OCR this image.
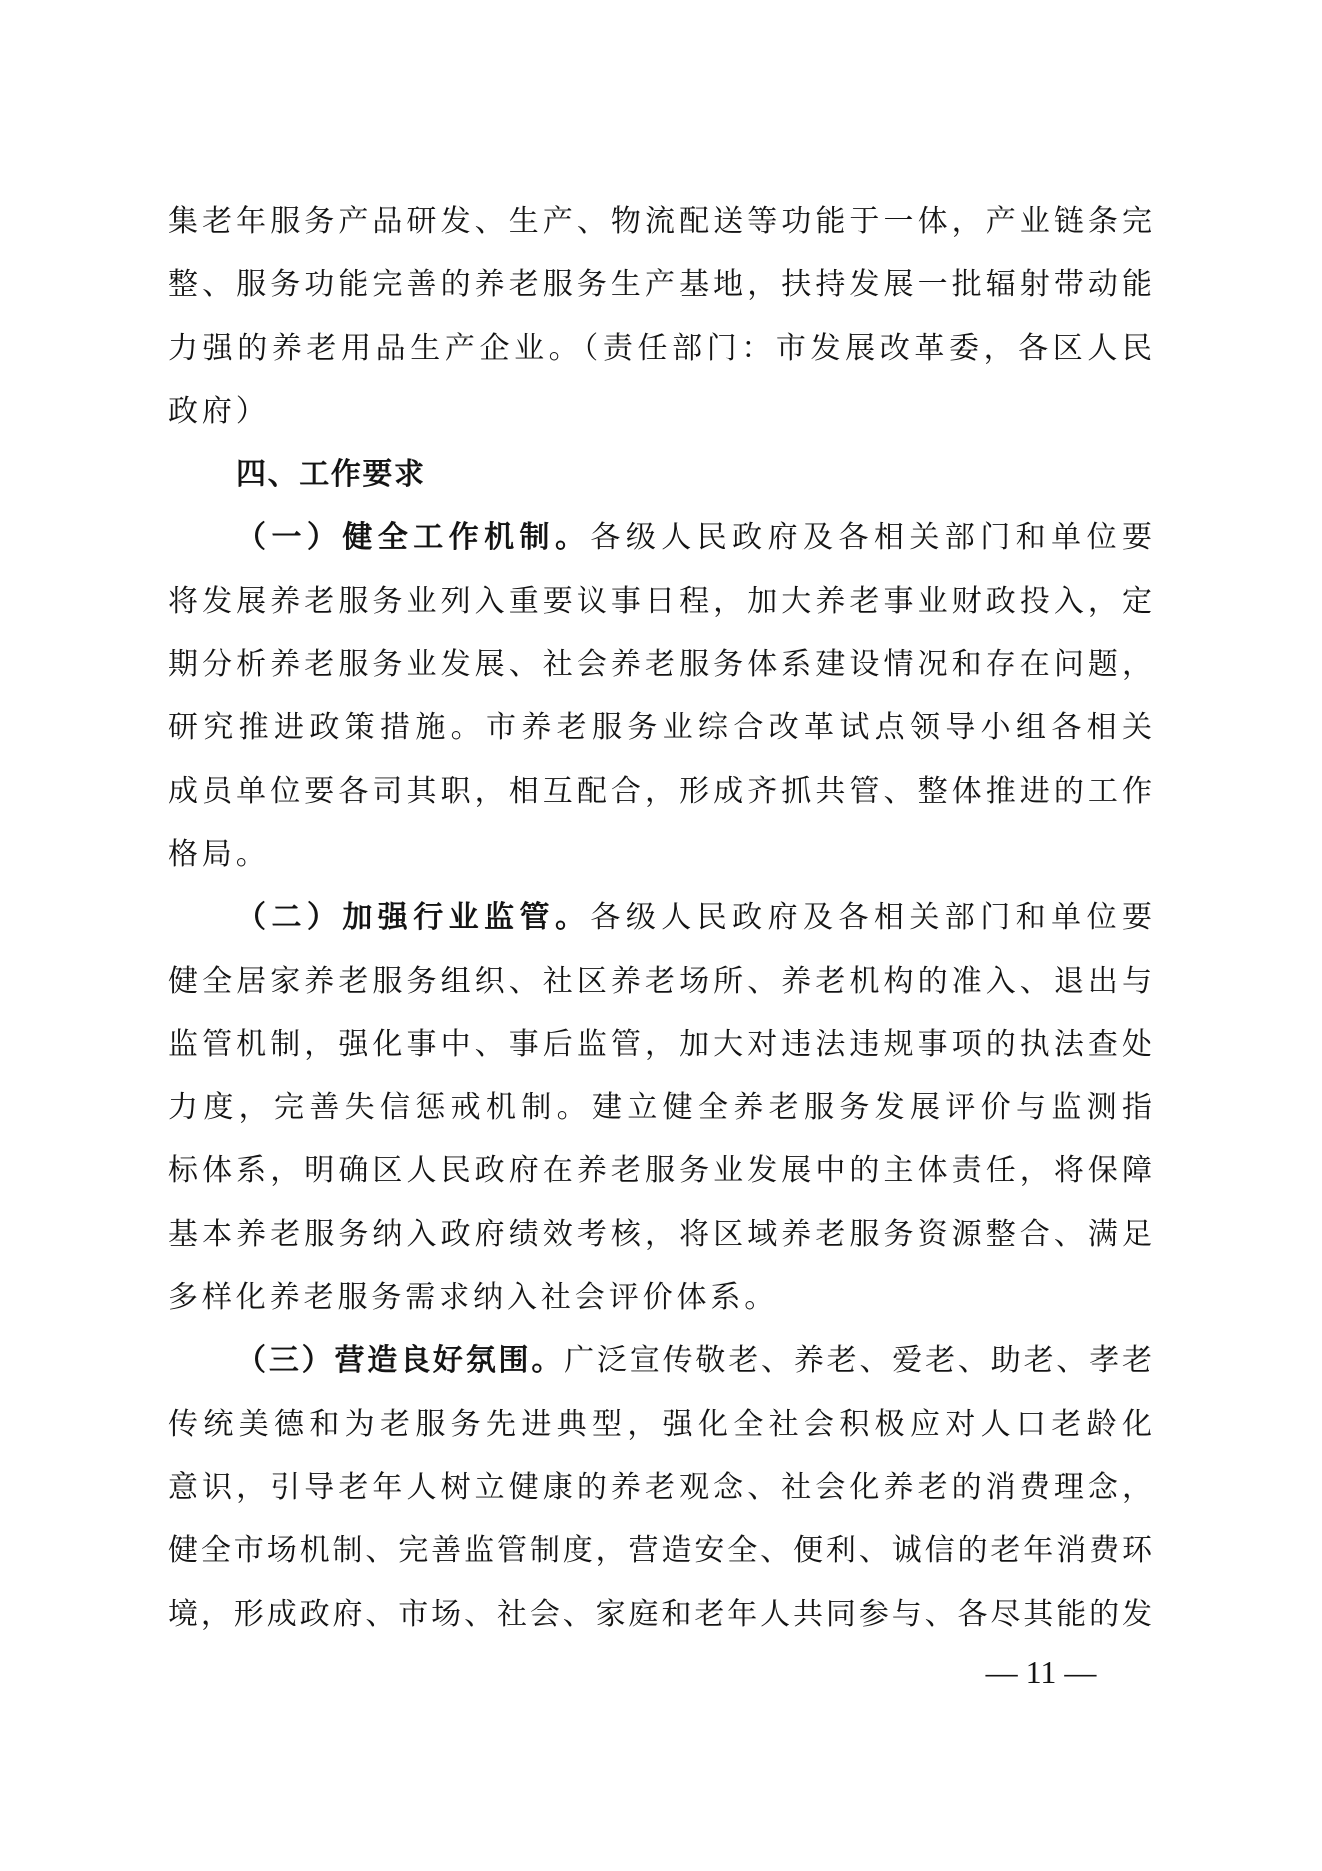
集老年服务产品研发、生产、物流配送等功能于一体，产业链条完
整、服务功能完善的养老服务生产基地，扶持发展一批辐射带动能
力强的养老用品生产企业。（责任部门：市发展改革委，各区人民
政府）
四、工作要求
（一）健全工作机制。各级人民政府及各相关部门和单位要
将发展养老服务业列入重要议事日程，加大养老事业财政投入，定
期分析养老服务业发展、社会养老服务体系建设情况和存在问题，
研究推进政策措施。市养老服务业综合改革试点领导小组各相关
成员单位要各司其职，相互配合，形成齐抓共管、整体推进的工作
格局。
（二）加强行业监管。各级人民政府及各相关部门和单位要
健全居家养老服务组织、社区养老场所、养老机构的准入、退出与
监管机制，强化事中、事后监管，加大对违法违规事项的执法查处
力度，完善失信惩戒机制。建立健全养老服务发展评价与监测指
标体系，明确区人民政府在养老服务业发展中的主体责任，将保障
基本养老服务纳入政府绩效考核，将区域养老服务资源整合、满足
多样化养老服务需求纳入社会评价体系。
（三）营造良好氛围。广泛宣传敬老、养老、爱老、助老、孝老
传统美德和为老服务先进典型，强化全社会积极应对人口老龄化
意识，引导老年人树立健康的养老观念、社会化养老的消费理念，
健全市场机制、完善监管制度，营造安全、便利、诚信的老年消费环
境，形成政府、市场、社会、家庭和老年人共同参与、各尽其能的发
— 11 —
